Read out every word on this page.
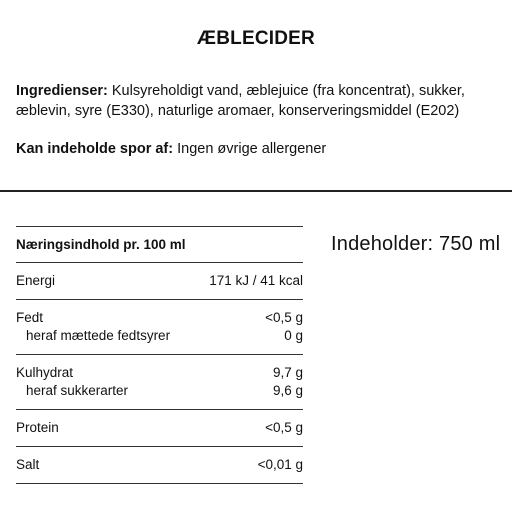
ÆBLECIDER
Ingredienser: Kulsyreholdigt vand, æblejuice (fra koncentrat), sukker, æblevin, syre (E330), naturlige aromaer, konserveringsmiddel (E202)
Kan indeholde spor af: Ingen øvrige allergener
Næringsindhold pr. 100 ml
Energi	171 kJ / 41 kcal
Fedt	<0,5 g
heraf mættede fedtsyrer	0 g
Kulhydrat	9,7 g
heraf sukkerarter	9,6 g
Protein	<0,5 g
Salt	<0,01 g
Indeholder: 750 ml
